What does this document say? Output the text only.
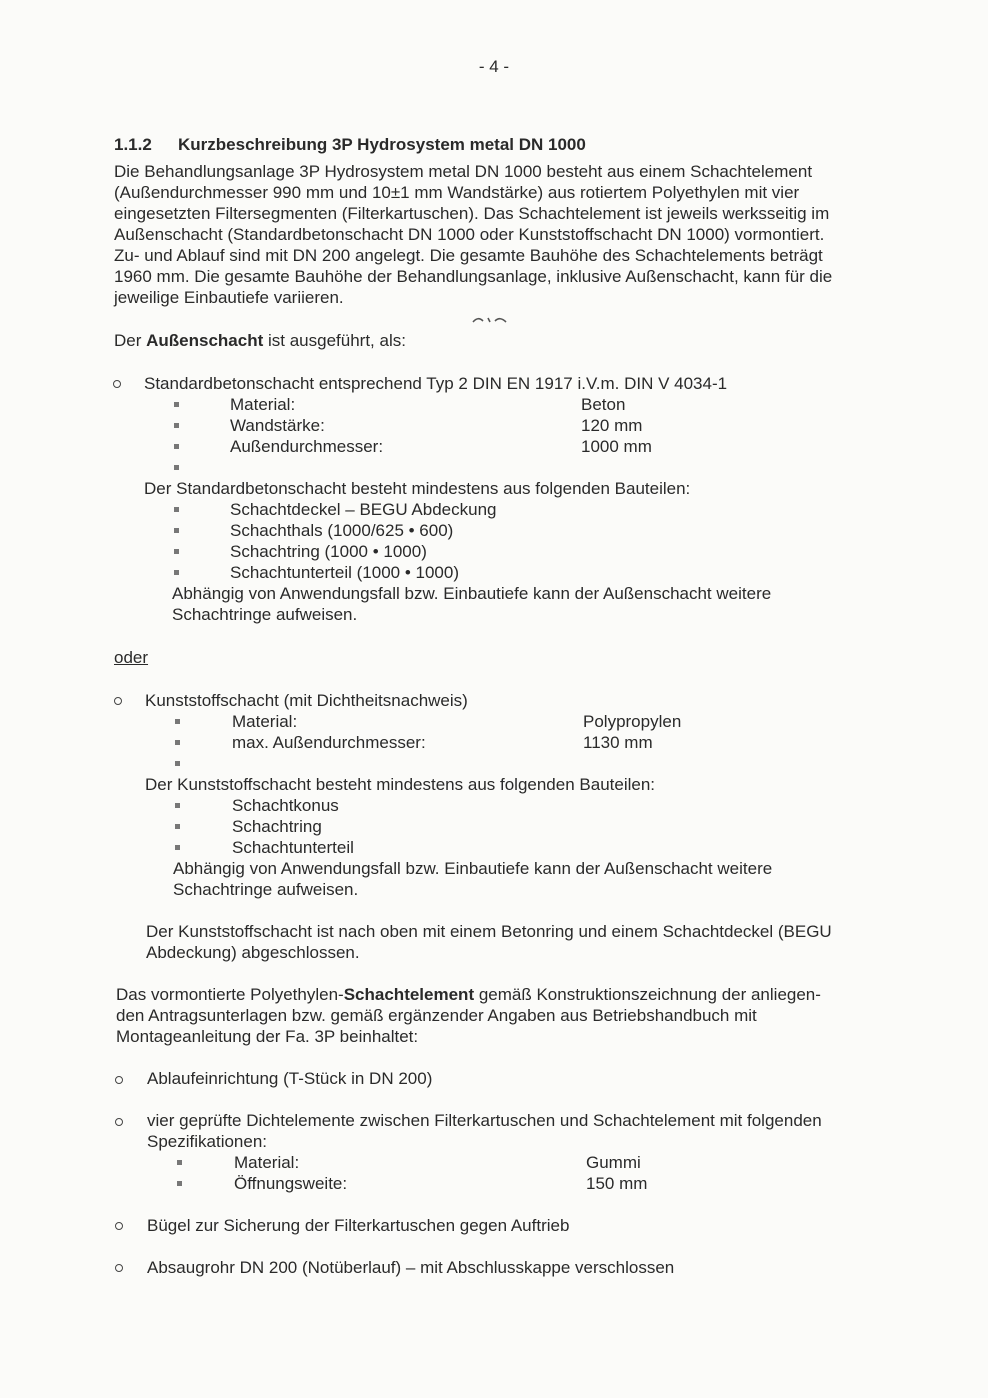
- 4 -
1.1.2 Kurzbeschreibung 3P Hydrosystem metal DN 1000

Die Behandlungsanlage 3P Hydrosystem metal DN 1000 besteht aus einem Schachtelement

(Außendurchmesser 990 mm und 10±1 mm Wandstärke) aus rotiertem Polyethylen mit vier

eingesetzten Filtersegmenten (Filterkartuschen). Das Schachtelement ist jeweils werksseitig im

Außenschacht (Standardbetonschacht DN 1000 oder Kunststoffschacht DN 1000) vormontiert.

Zu- und Ablauf sind mit DN 200 angelegt. Die gesamte Bauhöhe des Schachtelements beträgt

1960 mm. Die gesamte Bauhöhe der Behandlungsanlage, inklusive Außenschacht, kann für die

jeweilige Einbautiefe variieren.

Der Außenschacht ist ausgeführt, als:
Standardbetonschacht entsprechend Typ 2 DIN EN 1917 i.V.m. DIN V 4034-1
Material:	Beton
Wandstärke:	120 mm
Außendurchmesser:	1000 mm
Der Standardbetonschacht besteht mindestens aus folgenden Bauteilen:
Schachtdeckel – BEGU Abdeckung
Schachthals (1000/625 • 600)
Schachtring (1000 • 1000)
Schachtunterteil (1000 • 1000)
Abhängig von Anwendungsfall bzw. Einbautiefe kann der Außenschacht weitere
Schachtringe aufweisen.
oder
Kunststoffschacht (mit Dichtheitsnachweis)
Material:	Polypropylen
max. Außendurchmesser:	1130 mm
Der Kunststoffschacht besteht mindestens aus folgenden Bauteilen:
Schachtkonus
Schachtring
Schachtunterteil
Abhängig von Anwendungsfall bzw. Einbautiefe kann der Außenschacht weitere
Schachtringe aufweisen.
Der Kunststoffschacht ist nach oben mit einem Betonring und einem Schachtdeckel (BEGU
Abdeckung) abgeschlossen.
Das vormontierte Polyethylen-Schachtelement gemäß Konstruktionszeichnung der anliegen-
den Antragsunterlagen bzw. gemäß ergänzender Angaben aus Betriebshandbuch mit
Montageanleitung der Fa. 3P beinhaltet:
Ablaufeinrichtung (T-Stück in DN 200)
vier geprüfte Dichtelemente zwischen Filterkartuschen und Schachtelement mit folgenden
Spezifikationen:
Material:	Gummi
Öffnungsweite:	150 mm
Bügel zur Sicherung der Filterkartuschen gegen Auftrieb
Absaugrohr DN 200 (Notüberlauf) – mit Abschlusskappe verschlossen
